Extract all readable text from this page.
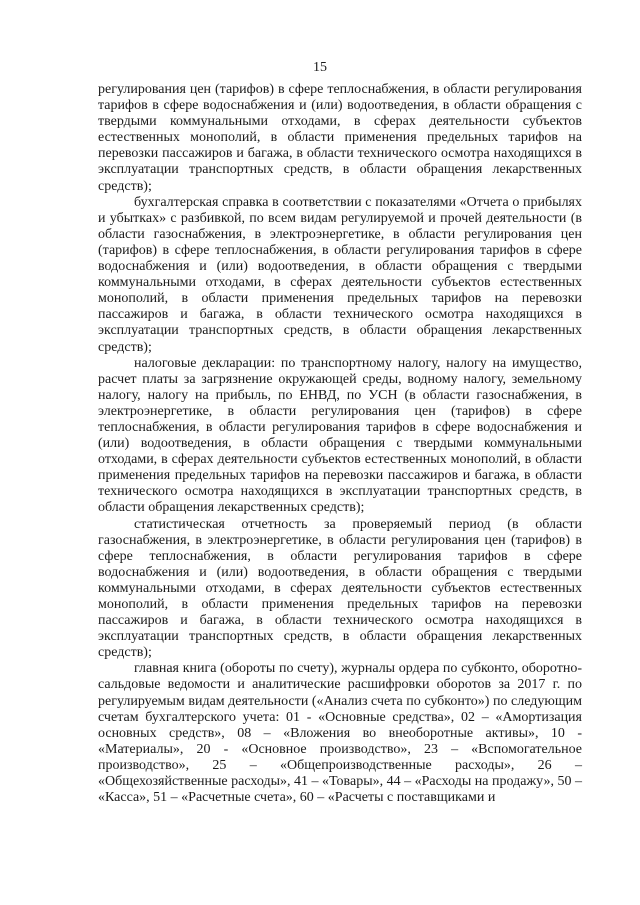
15

регулирования цен (тарифов) в сфере теплоснабжения, в области регулирования тарифов в сфере водоснабжения и (или) водоотведения, в области обращения с твердыми коммунальными отходами, в сферах деятельности субъектов естественных монополий, в области применения предельных тарифов на перевозки пассажиров и багажа, в области технического осмотра находящихся в эксплуатации транспортных средств, в области обращения лекарственных средств);

бухгалтерская справка в соответствии с показателями «Отчета о прибылях и убытках» с разбивкой, по всем видам регулируемой и прочей деятельности (в области газоснабжения, в электроэнергетике, в области регулирования цен (тарифов) в сфере теплоснабжения, в области регулирования тарифов в сфере водоснабжения и (или) водоотведения, в области обращения с твердыми коммунальными отходами, в сферах деятельности субъектов естественных монополий, в области применения предельных тарифов на перевозки пассажиров и багажа, в области технического осмотра находящихся в эксплуатации транспортных средств, в области обращения лекарственных средств);

налоговые декларации: по транспортному налогу, налогу на имущество, расчет платы за загрязнение окружающей среды, водному налогу, земельному налогу, налогу на прибыль, по ЕНВД, по УСН (в области газоснабжения, в электроэнергетике, в области регулирования цен (тарифов) в сфере теплоснабжения, в области регулирования тарифов в сфере водоснабжения и (или) водоотведения, в области обращения с твердыми коммунальными отходами, в сферах деятельности субъектов естественных монополий, в области применения предельных тарифов на перевозки пассажиров и багажа, в области технического осмотра находящихся в эксплуатации транспортных средств, в области обращения лекарственных средств);

статистическая отчетность за проверяемый период (в области газоснабжения, в электроэнергетике, в области регулирования цен (тарифов) в сфере теплоснабжения, в области регулирования тарифов в сфере водоснабжения и (или) водоотведения, в области обращения с твердыми коммунальными отходами, в сферах деятельности субъектов естественных монополий, в области применения предельных тарифов на перевозки пассажиров и багажа, в области технического осмотра находящихся в эксплуатации транспортных средств, в области обращения лекарственных средств);

главная книга (обороты по счету), журналы ордера по субконто, оборотно-сальдовые ведомости и аналитические расшифровки оборотов за 2017 г. по регулируемым видам деятельности («Анализ счета по субконто») по следующим счетам бухгалтерского учета: 01 - «Основные средства», 02 – «Амортизация основных средств», 08 – «Вложения во внеоборотные активы», 10 - «Материалы», 20 - «Основное производство», 23 – «Вспомогательное производство», 25 – «Общепроизводственные расходы», 26 – «Общехозяйственные расходы», 41 – «Товары», 44 – «Расходы на продажу», 50 – «Касса», 51 – «Расчетные счета», 60 – «Расчеты с поставщиками и
